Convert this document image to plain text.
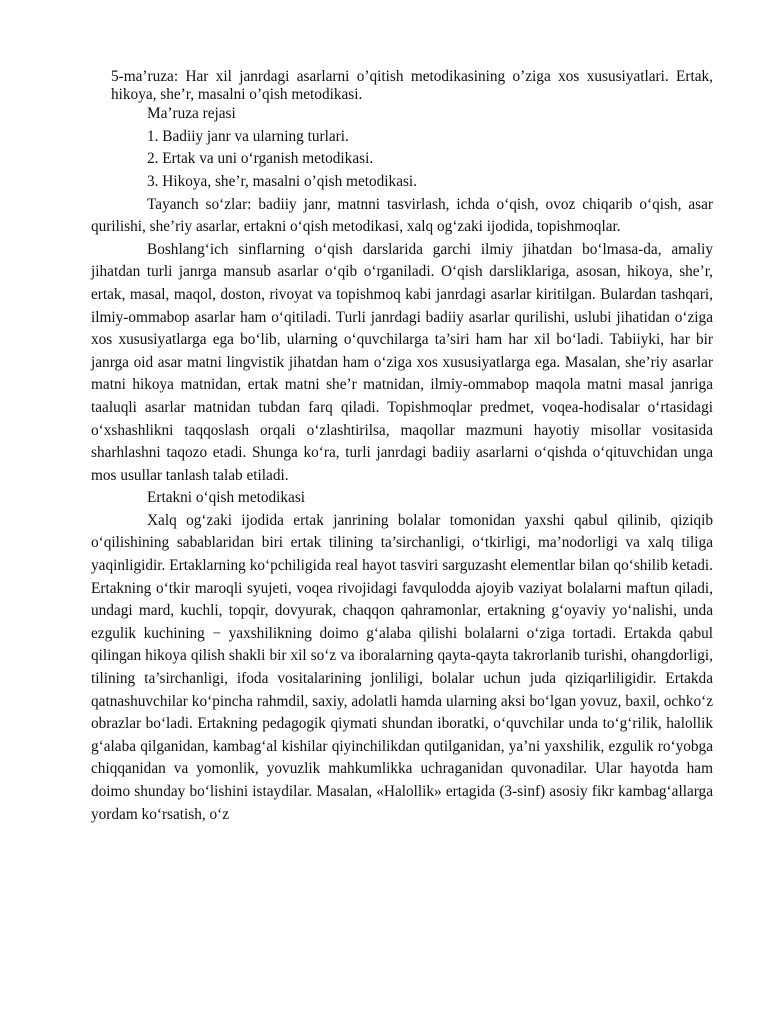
5-ma’ruza: Har xil janrdagi asarlarni o’qitish metodikasining o’ziga xos xususiyatlari. Ertak, hikoya, she’r, masalni o’qish metodikasi.

Ma’ruza rejasi

1. Badiiy janr va ularning turlari.

2. Ertak va uni o‘rganish metodikasi.

3. Hikoya, she’r, masalni o’qish metodikasi.

Tayanch so‘zlar: badiiy janr, matnni tasvirlash, ichda o‘qish, ovoz chiqarib o‘qish, asar qurilishi, she’riy asarlar, ertakni o‘qish metodikasi, xalq og‘zaki ijodida, topishmoqlar.

Boshlang‘ich sinflarning o‘qish darslarida garchi ilmiy jihatdan bo‘lmasa-da, amaliy jihatdan turli janrga mansub asarlar o‘qib o‘rganiladi. O‘qish darsliklariga, asosan, hikoya, she’r, ertak, masal, maqol, doston, rivoyat va topishmoq kabi janrdagi asarlar kiritilgan. Bulardan tashqari, ilmiy-ommabop asarlar ham o‘qitiladi. Turli janrdagi badiiy asarlar qurilishi, uslubi jihatidan o‘ziga xos xususiyatlarga ega bo‘lib, ularning o‘quvchilarga ta’siri ham har xil bo‘ladi. Tabiiyki, har bir janrga oid asar matni lingvistik jihatdan ham o‘ziga xos xususiyatlarga ega. Masalan, she’riy asarlar matni hikoya matnidan, ertak matni she’r matnidan, ilmiy-ommabop maqola matni masal janriga taaluqli asarlar matnidan tubdan farq qiladi. Topishmoqlar predmet, voqea-hodisalar o‘rtasidagi o‘xshashlikni taqqoslash orqali o‘zlashtirilsa, maqollar mazmuni hayotiy misollar vositasida sharhlashni taqozo etadi. Shunga ko‘ra, turli janrdagi badiiy asarlarni o‘qishda o‘qituvchidan unga mos usullar tanlash talab etiladi.

Ertakni o‘qish metodikasi

Xalq og‘zaki ijodida ertak janrining bolalar tomonidan yaxshi qabul qilinib, qiziqib o‘qilishining sabablaridan biri ertak tilining ta’sirchanligi, o‘tkirligi, ma’nodorligi va xalq tiliga yaqinligidir. Ertaklarning ko‘pchiligida real hayot tasviri sarguzasht elementlar bilan qo‘shilib ketadi. Ertakning o‘tkir maroqli syujeti, voqea rivojidagi favqulodda ajoyib vaziyat bolalarni maftun qiladi, undagi mard, kuchli, topqir, dovyurak, chaqqon qahramonlar, ertakning g‘oyaviy yo‘nalishi, unda ezgulik kuchining − yaxshilikning doimo g‘alaba qilishi bolalarni o‘ziga tortadi. Ertakda qabul qilingan hikoya qilish shakli bir xil so‘z va iboralarning qayta-qayta takrorlanib turishi, ohangdorligi, tilining ta’sirchanligi, ifoda vositalarining jonliligi, bolalar uchun juda qiziqarliligidir. Ertakda qatnashuvchilar ko‘pincha rahmdil, saxiy, adolatli hamda ularning aksi bo‘lgan yovuz, baxil, ochko‘z obrazlar bo‘ladi. Ertakning pedagogik qiymati shundan iboratki, o‘quvchilar unda to‘g‘rilik, halollik g‘alaba qilganidan, kambag‘al kishilar qiyinchilikdan qutilganidan, ya’ni yaxshilik, ezgulik ro‘yobga chiqqanidan va yomonlik, yovuzlik mahkumlikka uchraganidan quvonadilar. Ular hayotda ham doimo shunday bo‘lishini istaydilar. Masalan, «Halollik» ertagida (3-sinf) asosiy fikr kambag‘allarga yordam ko‘rsatish, o‘z
